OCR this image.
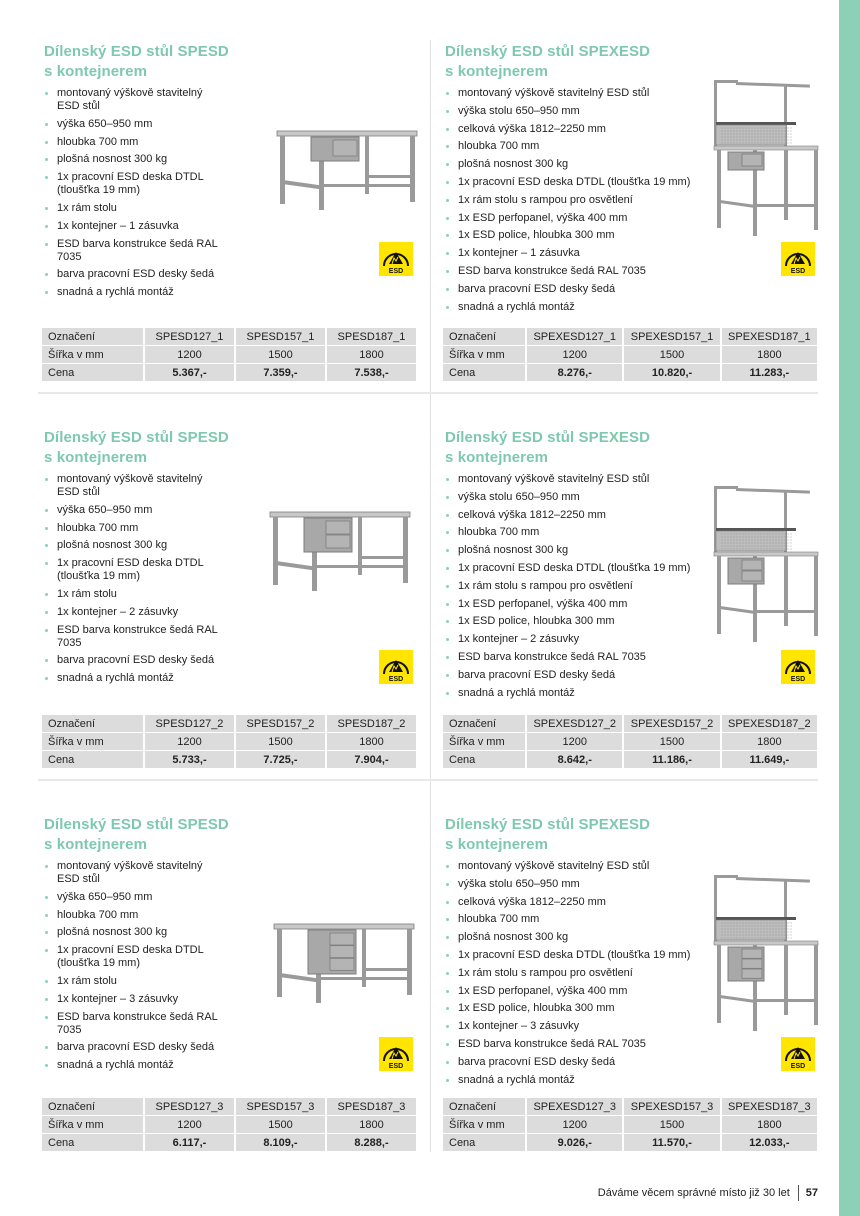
Dílenský ESD stůl SPESD
s kontejnerem
montovaný výškově stavitelný ESD stůl
výška 650–950 mm
hloubka 700 mm
plošná nosnost 300 kg
1x pracovní ESD deska DTDL (tloušťka 19 mm)
1x rám stolu
1x kontejner – 1 zásuvka
ESD barva konstrukce šedá RAL 7035
barva pracovní ESD desky šedá
snadná a rychlá montáž
ESD
Označení	SPESD127_1	SPESD157_1	SPESD187_1
Šířka v mm	1200	1500	1800
Cena	5.367,-	7.359,-	7.538,-
Dílenský ESD stůl SPEXESD
s kontejnerem
montovaný výškově stavitelný ESD stůl
výška stolu 650–950 mm
celková výška 1812–2250 mm
hloubka 700 mm
plošná nosnost 300 kg
1x pracovní ESD deska DTDL (tloušťka 19 mm)
1x rám stolu s rampou pro osvětlení
1x ESD perfopanel, výška 400 mm
1x ESD police, hloubka 300 mm
1x kontejner – 1 zásuvka
ESD barva konstrukce šedá RAL 7035
barva pracovní ESD desky šedá
snadná a rychlá montáž
ESD
Označení	SPEXESD127_1	SPEXESD157_1	SPEXESD187_1
Šířka v mm	1200	1500	1800
Cena	8.276,-	10.820,-	11.283,-
Dílenský ESD stůl SPESD
s kontejnerem
montovaný výškově stavitelný ESD stůl
výška 650–950 mm
hloubka 700 mm
plošná nosnost 300 kg
1x pracovní ESD deska DTDL (tloušťka 19 mm)
1x rám stolu
1x kontejner – 2 zásuvky
ESD barva konstrukce šedá RAL 7035
barva pracovní ESD desky šedá
snadná a rychlá montáž	ESD
Označení	SPESD127_2	SPESD157_2	SPESD187_2
Šířka v mm	1200	1500	1800
Cena	5.733,-	7.725,-	7.904,-
Dílenský ESD stůl SPEXESD
s kontejnerem
montovaný výškově stavitelný ESD stůl
výška stolu 650–950 mm
celková výška 1812–2250 mm
hloubka 700 mm
plošná nosnost 300 kg
1x pracovní ESD deska DTDL (tloušťka 19 mm)
1x rám stolu s rampou pro osvětlení
1x ESD perfopanel, výška 400 mm
1x ESD police, hloubka 300 mm
1x kontejner – 2 zásuvky
ESD barva konstrukce šedá RAL 7035
barva pracovní ESD desky šedá
snadná a rychlá montáž
ESD
Označení	SPEXESD127_2	SPEXESD157_2	SPEXESD187_2
Šířka v mm	1200	1500	1800
Cena	8.642,-	11.186,-	11.649,-
Dílenský ESD stůl SPESD
s kontejnerem
montovaný výškově stavitelný ESD stůl
výška 650–950 mm
hloubka 700 mm
plošná nosnost 300 kg
1x pracovní ESD deska DTDL (tloušťka 19 mm)
1x rám stolu
1x kontejner – 3 zásuvky
ESD barva konstrukce šedá RAL 7035
barva pracovní ESD desky šedá
snadná a rychlá montáž	ESD
Označení	SPESD127_3	SPESD157_3	SPESD187_3
Šířka v mm	1200	1500	1800
Cena	6.117,-	8.109,-	8.288,-
Dílenský ESD stůl SPEXESD
s kontejnerem
montovaný výškově stavitelný ESD stůl
výška stolu 650–950 mm
celková výška 1812–2250 mm
hloubka 700 mm
plošná nosnost 300 kg
1x pracovní ESD deska DTDL (tloušťka 19 mm)
1x rám stolu s rampou pro osvětlení
1x ESD perfopanel, výška 400 mm
1x ESD police, hloubka 300 mm
1x kontejner – 3 zásuvky
ESD barva konstrukce šedá RAL 7035
barva pracovní ESD desky šedá
snadná a rychlá montáž
ESD
Označení	SPEXESD127_3	SPEXESD157_3	SPEXESD187_3
Šířka v mm	1200	1500	1800
Cena	9.026,-	11.570,-	12.033,-
Dáváme věcem správné místo již 30 let 57
